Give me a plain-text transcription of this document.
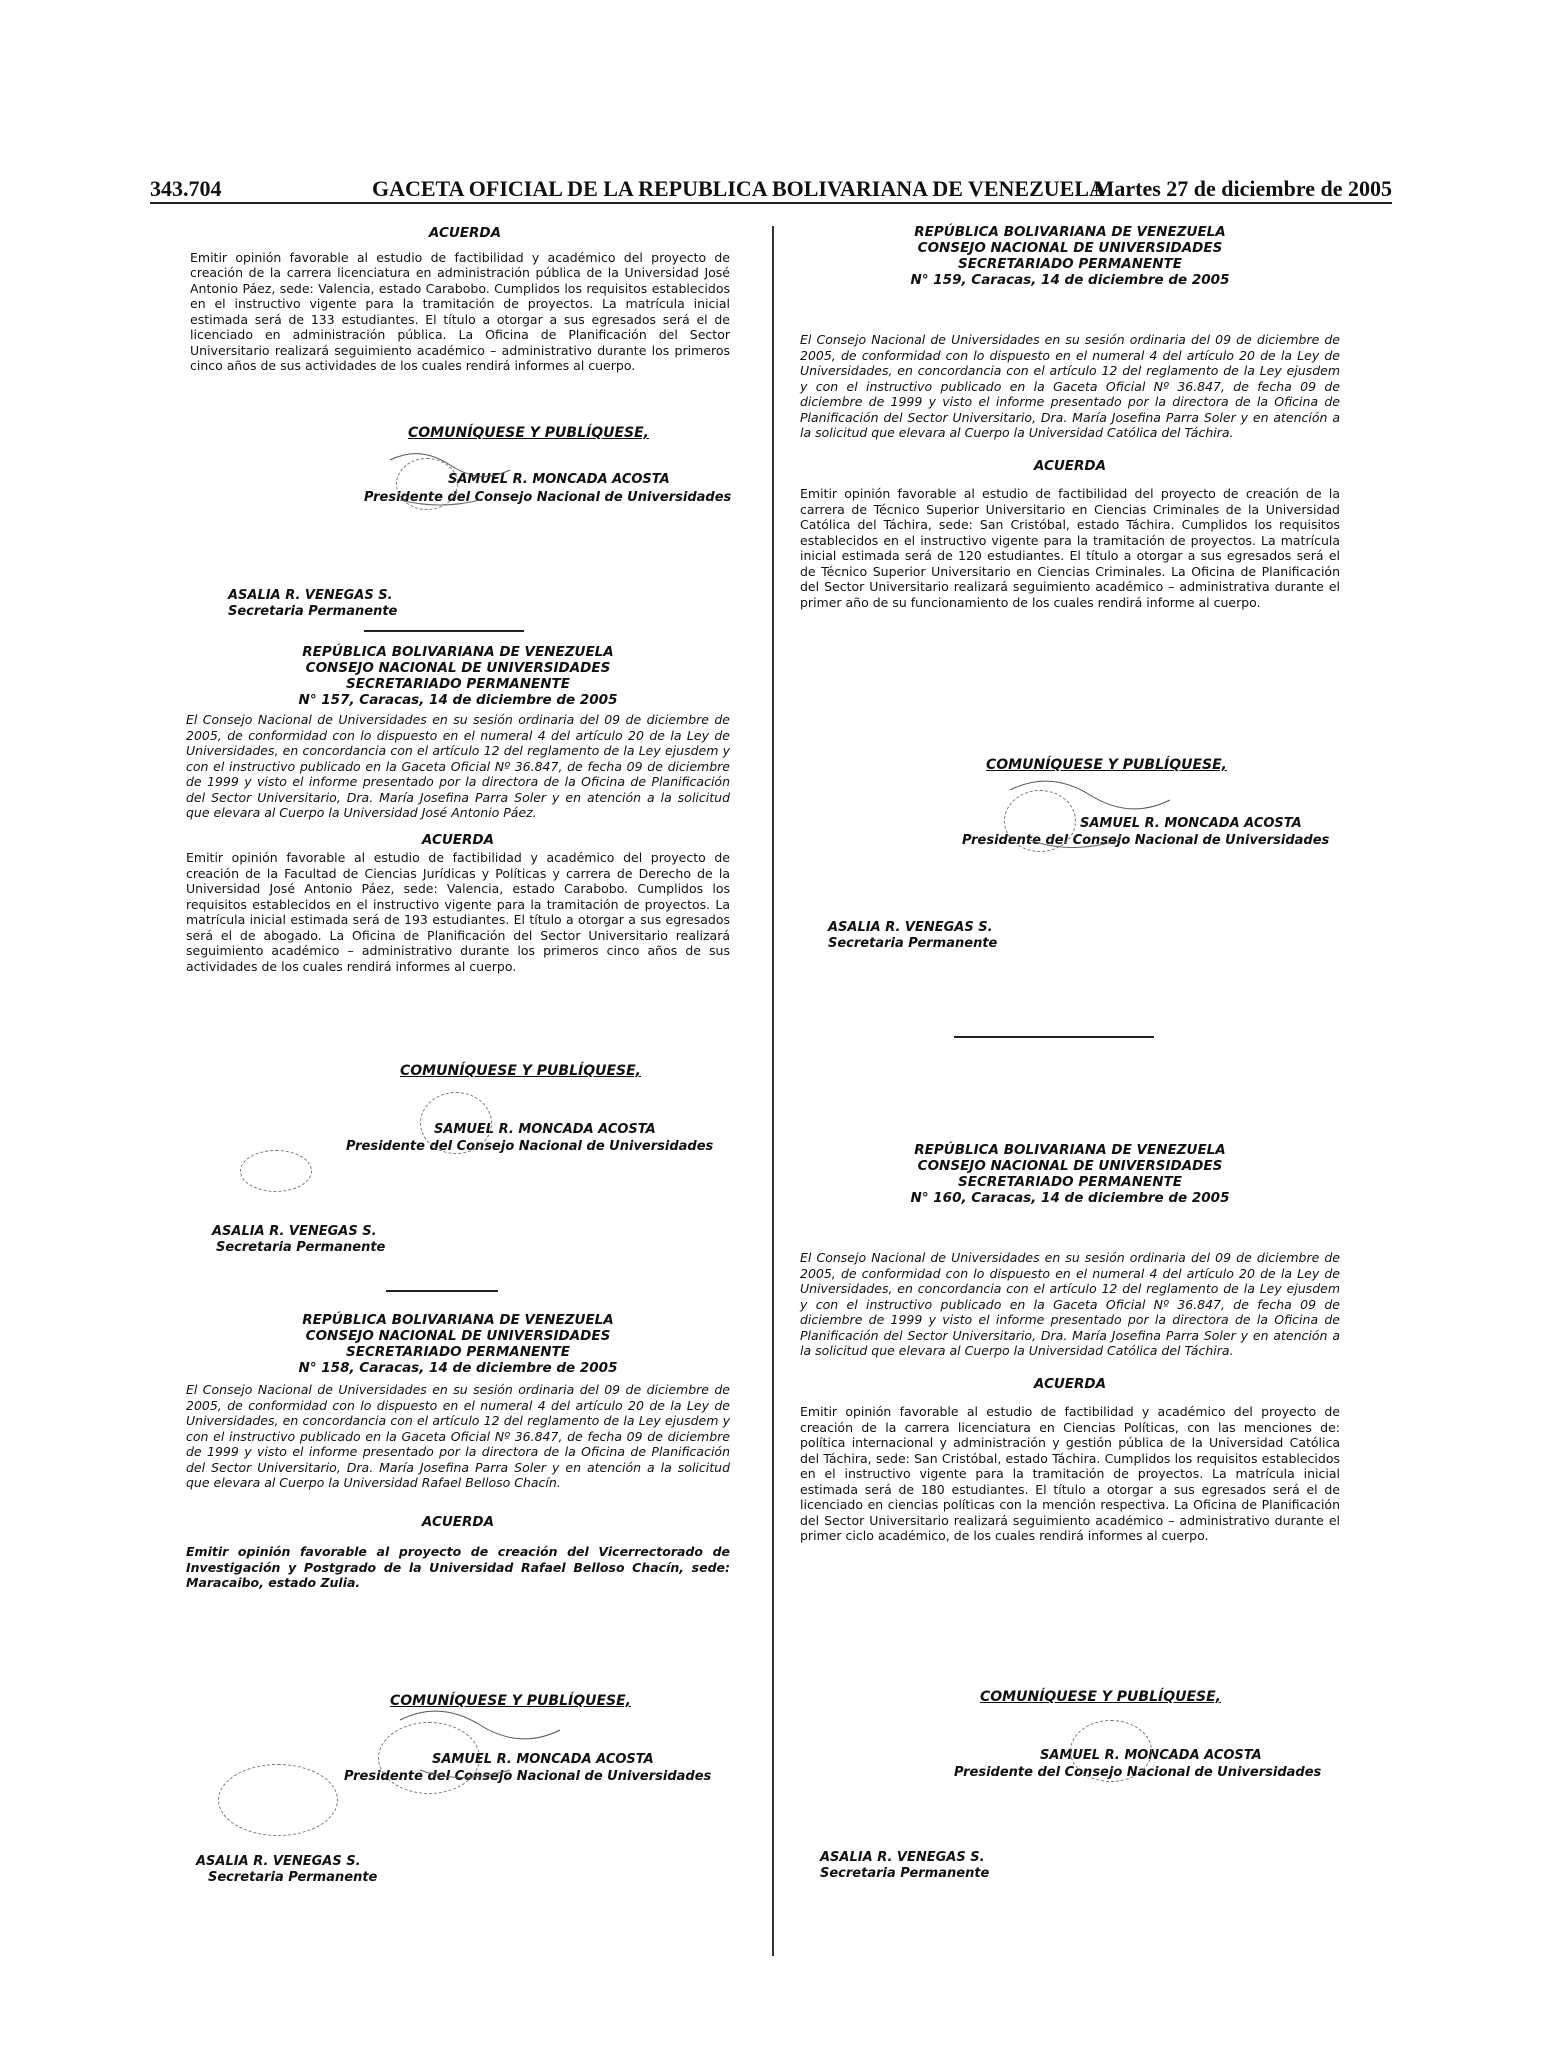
343.704	GACETA OFICIAL DE LA REPUBLICA BOLIVARIANA DE VENEZUELA
Martes 27 de diciembre de 2005

ACUERDA

Emitir opinión favorable al estudio de factibilidad y académico del proyecto de creación de la carrera licenciatura en administración pública de la Universidad José Antonio Páez, sede: Valencia, estado Carabobo. Cumplidos los requisitos establecidos en el instructivo vigente para la tramitación de proyectos. La matrícula inicial estimada será de 133 estudiantes. El título a otorgar a sus egresados será el de licenciado en administración pública. La Oficina de Planificación del Sector Universitario realizará seguimiento académico – administrativo durante los primeros cinco años de sus actividades de los cuales rendirá informes al cuerpo.

COMUNÍQUESE Y PUBLÍQUESE,

SAMUEL R. MONCADA ACOSTA

Presidente del Consejo Nacional de Universidades

ASALIA R. VENEGAS S.

Secretaria Permanente

REPÚBLICA BOLIVARIANA DE VENEZUELA

CONSEJO NACIONAL DE UNIVERSIDADES

SECRETARIADO PERMANENTE

N° 157, Caracas, 14 de diciembre de 2005

El Consejo Nacional de Universidades en su sesión ordinaria del 09 de diciembre de 2005, de conformidad con lo dispuesto en el numeral 4 del artículo 20 de la Ley de Universidades, en concordancia con el artículo 12 del reglamento de la Ley ejusdem y con el instructivo publicado en la Gaceta Oficial Nº 36.847, de fecha 09 de diciembre de 1999 y visto el informe presentado por la directora de la Oficina de Planificación del Sector Universitario, Dra. María Josefina Parra Soler y en atención a la solicitud que elevara al Cuerpo la Universidad José Antonio Páez.

ACUERDA

Emitir opinión favorable al estudio de factibilidad y académico del proyecto de creación de la Facultad de Ciencias Jurídicas y Políticas y carrera de Derecho de la Universidad José Antonio Páez, sede: Valencia, estado Carabobo. Cumplidos los requisitos establecidos en el instructivo vigente para la tramitación de proyectos. La matrícula inicial estimada será de 193 estudiantes. El título a otorgar a sus egresados será el de abogado. La Oficina de Planificación del Sector Universitario realizará seguimiento académico – administrativo durante los primeros cinco años de sus actividades de los cuales rendirá informes al cuerpo.

COMUNÍQUESE Y PUBLÍQUESE,

SAMUEL R. MONCADA ACOSTA

Presidente del Consejo Nacional de Universidades

ASALIA R. VENEGAS S.

Secretaria Permanente

REPÚBLICA BOLIVARIANA DE VENEZUELA

CONSEJO NACIONAL DE UNIVERSIDADES

SECRETARIADO PERMANENTE

N° 158, Caracas, 14 de diciembre de 2005

El Consejo Nacional de Universidades en su sesión ordinaria del 09 de diciembre de 2005, de conformidad con lo dispuesto en el numeral 4 del artículo 20 de la Ley de Universidades, en concordancia con el artículo 12 del reglamento de la Ley ejusdem y con el instructivo publicado en la Gaceta Oficial Nº 36.847, de fecha 09 de diciembre de 1999 y visto el informe presentado por la directora de la Oficina de Planificación del Sector Universitario, Dra. María Josefina Parra Soler y en atención a la solicitud que elevara al Cuerpo la Universidad Rafael Belloso Chacín.

ACUERDA

Emitir opinión favorable al proyecto de creación del Vicerrectorado de Investigación y Postgrado de la Universidad Rafael Belloso Chacín, sede: Maracaibo, estado Zulia.

COMUNÍQUESE Y PUBLÍQUESE,

SAMUEL R. MONCADA ACOSTA

Presidente del Consejo Nacional de Universidades

ASALIA R. VENEGAS S.

Secretaria Permanente

REPÚBLICA BOLIVARIANA DE VENEZUELA

CONSEJO NACIONAL DE UNIVERSIDADES

SECRETARIADO PERMANENTE

N° 159, Caracas, 14 de diciembre de 2005

El Consejo Nacional de Universidades en su sesión ordinaria del 09 de diciembre de 2005, de conformidad con lo dispuesto en el numeral 4 del artículo 20 de la Ley de Universidades, en concordancia con el artículo 12 del reglamento de la Ley ejusdem y con el instructivo publicado en la Gaceta Oficial Nº 36.847, de fecha 09 de diciembre de 1999 y visto el informe presentado por la directora de la Oficina de Planificación del Sector Universitario, Dra. María Josefina Parra Soler y en atención a la solicitud que elevara al Cuerpo la Universidad Católica del Táchira.

ACUERDA

Emitir opinión favorable al estudio de factibilidad del proyecto de creación de la carrera de Técnico Superior Universitario en Ciencias Criminales de la Universidad Católica del Táchira, sede: San Cristóbal, estado Táchira. Cumplidos los requisitos establecidos en el instructivo vigente para la tramitación de proyectos. La matrícula inicial estimada será de 120 estudiantes. El título a otorgar a sus egresados será el de Técnico Superior Universitario en Ciencias Criminales. La Oficina de Planificación del Sector Universitario realizará seguimiento académico – administrativa durante el primer año de su funcionamiento de los cuales rendirá informe al cuerpo.

COMUNÍQUESE Y PUBLÍQUESE,

SAMUEL R. MONCADA ACOSTA

Presidente del Consejo Nacional de Universidades

ASALIA R. VENEGAS S.

Secretaria Permanente

REPÚBLICA BOLIVARIANA DE VENEZUELA

CONSEJO NACIONAL DE UNIVERSIDADES

SECRETARIADO PERMANENTE

N° 160, Caracas, 14 de diciembre de 2005

El Consejo Nacional de Universidades en su sesión ordinaria del 09 de diciembre de 2005, de conformidad con lo dispuesto en el numeral 4 del artículo 20 de la Ley de Universidades, en concordancia con el artículo 12 del reglamento de la Ley ejusdem y con el instructivo publicado en la Gaceta Oficial Nº 36.847, de fecha 09 de diciembre de 1999 y visto el informe presentado por la directora de la Oficina de Planificación del Sector Universitario, Dra. María Josefina Parra Soler y en atención a la solicitud que elevara al Cuerpo la Universidad Católica del Táchira.

ACUERDA

Emitir opinión favorable al estudio de factibilidad y académico del proyecto de creación de la carrera licenciatura en Ciencias Políticas, con las menciones de: política internacional y administración y gestión pública de la Universidad Católica del Táchira, sede: San Cristóbal, estado Táchira. Cumplidos los requisitos establecidos en el instructivo vigente para la tramitación de proyectos. La matrícula inicial estimada será de 180 estudiantes. El título a otorgar a sus egresados será el de licenciado en ciencias políticas con la mención respectiva. La Oficina de Planificación del Sector Universitario realizará seguimiento académico – administrativo durante el primer ciclo académico, de los cuales rendirá informes al cuerpo.

COMUNÍQUESE Y PUBLÍQUESE,

SAMUEL R. MONCADA ACOSTA

Presidente del Consejo Nacional de Universidades

ASALIA R. VENEGAS S.

Secretaria Permanente
